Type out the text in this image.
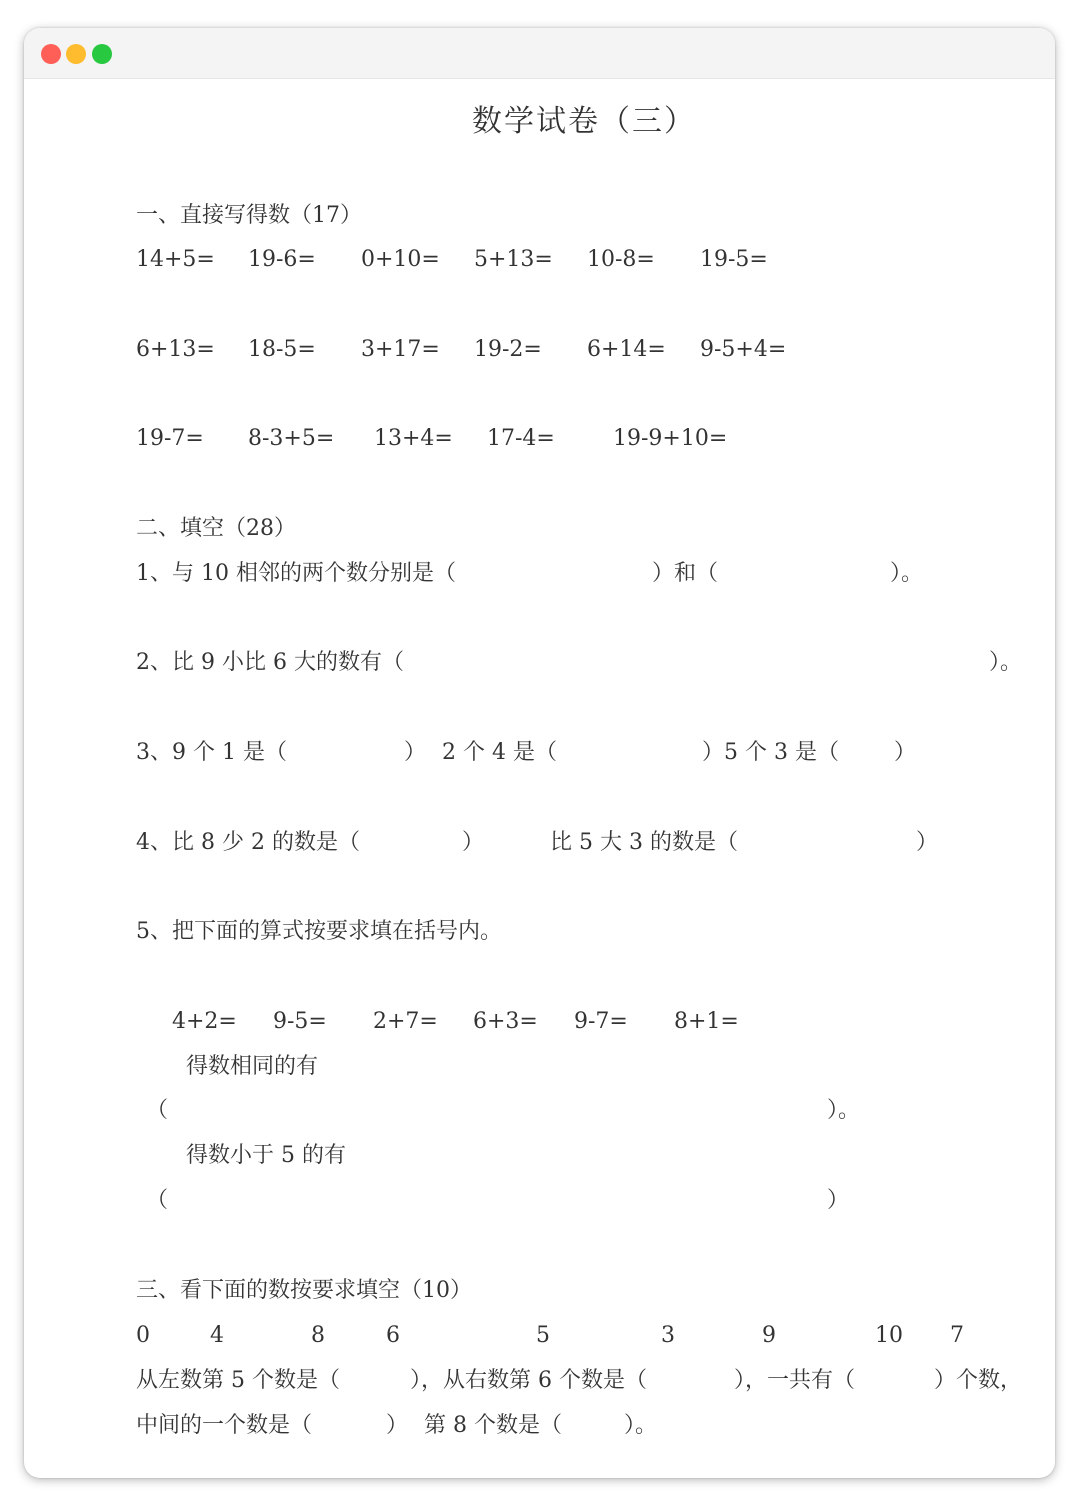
数学试卷（三）
一、直接写得数（17）
14+5= 19-6= 0+10= 5+13= 10-8= 19-5=
6+13= 18-5= 3+17= 19-2= 6+14= 9-5+4=
19-7= 8-3+5= 13+4= 17-4=	19-9+10=
二、填空（28）
1、与 10 相邻的两个数分别是（	）和（	）。
2、比 9 小比 6 大的数有（	）。
3、9 个 1 是（	） 2 个 4 是（	）5 个 3 是（	）
4、比 8 少 2 的数是（	）	比 5 大 3 的数是（	）
5、把下面的算式按要求填在括号内。
4+2= 9-5= 2+7= 6+3= 9-7= 8+1=
得数相同的有
（	）。
得数小于 5 的有
（	）
三、看下面的数按要求填空（10）
0	4	8	6	5	3	9	10 7
从左数第 5 个数是（	），从右数第 6 个数是（	），一共有（	）个数，
中间的一个数是（	） 第 8 个数是（	）。
